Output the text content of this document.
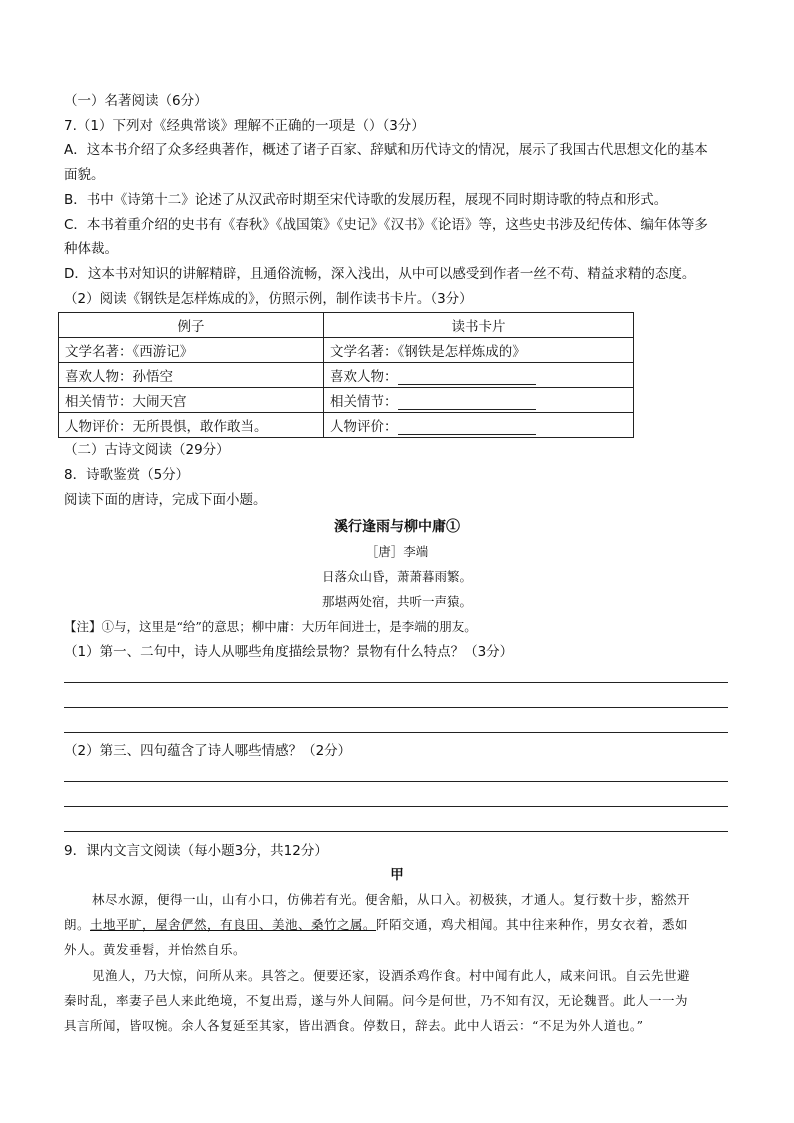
（一）名著阅读（6分）
7.（1）下列对《经典常谈》理解不正确的一项是（）（3分）
A．这本书介绍了众多经典著作，概述了诸子百家、辞赋和历代诗文的情况，展示了我国古代思想文化的基本
面貌。
B．书中《诗第十二》论述了从汉武帝时期至宋代诗歌的发展历程，展现不同时期诗歌的特点和形式。
C．本书着重介绍的史书有《春秋》《战国策》《史记》《汉书》《论语》等，这些史书涉及纪传体、编年体等多
种体裁。
D．这本书对知识的讲解精辟，且通俗流畅，深入浅出，从中可以感受到作者一丝不苟、精益求精的态度。
（2）阅读《钢铁是怎样炼成的》，仿照示例，制作读书卡片。（3分）
例子	读书卡片
文学名著：《西游记》	文学名著：《钢铁是怎样炼成的》
喜欢人物：孙悟空	喜欢人物：
相关情节：大闹天宫	相关情节：
人物评价：无所畏惧，敢作敢当。	人物评价：
（二）古诗文阅读（29分）
8．诗歌鉴赏（5分）
阅读下面的唐诗，完成下面小题。
溪行逢雨与柳中庸①
［唐］李端
日落众山昏，萧萧暮雨繁。
那堪两处宿，共听一声猿。
【注】①与，这里是“给”的意思；柳中庸：大历年间进士，是李端的朋友。
（1）第一、二句中，诗人从哪些角度描绘景物？景物有什么特点？（3分）
（2）第三、四句蕴含了诗人哪些情感？（2分）
9．课内文言文阅读（每小题3分，共12分）
甲
林尽水源，便得一山，山有小口，仿佛若有光。便舍船，从口入。初极狭，才通人。复行数十步，豁然开
朗。土地平旷，屋舍俨然，有良田、美池、桑竹之属。阡陌交通，鸡犬相闻。其中往来种作，男女衣着，悉如
外人。黄发垂髫，并怡然自乐。
见渔人，乃大惊，问所从来。具答之。便要还家，设酒杀鸡作食。村中闻有此人，咸来问讯。自云先世避
秦时乱，率妻子邑人来此绝境，不复出焉，遂与外人间隔。问今是何世，乃不知有汉，无论魏晋。此人一一为
具言所闻，皆叹惋。余人各复延至其家，皆出酒食。停数日，辞去。此中人语云：“不足为外人道也。”
